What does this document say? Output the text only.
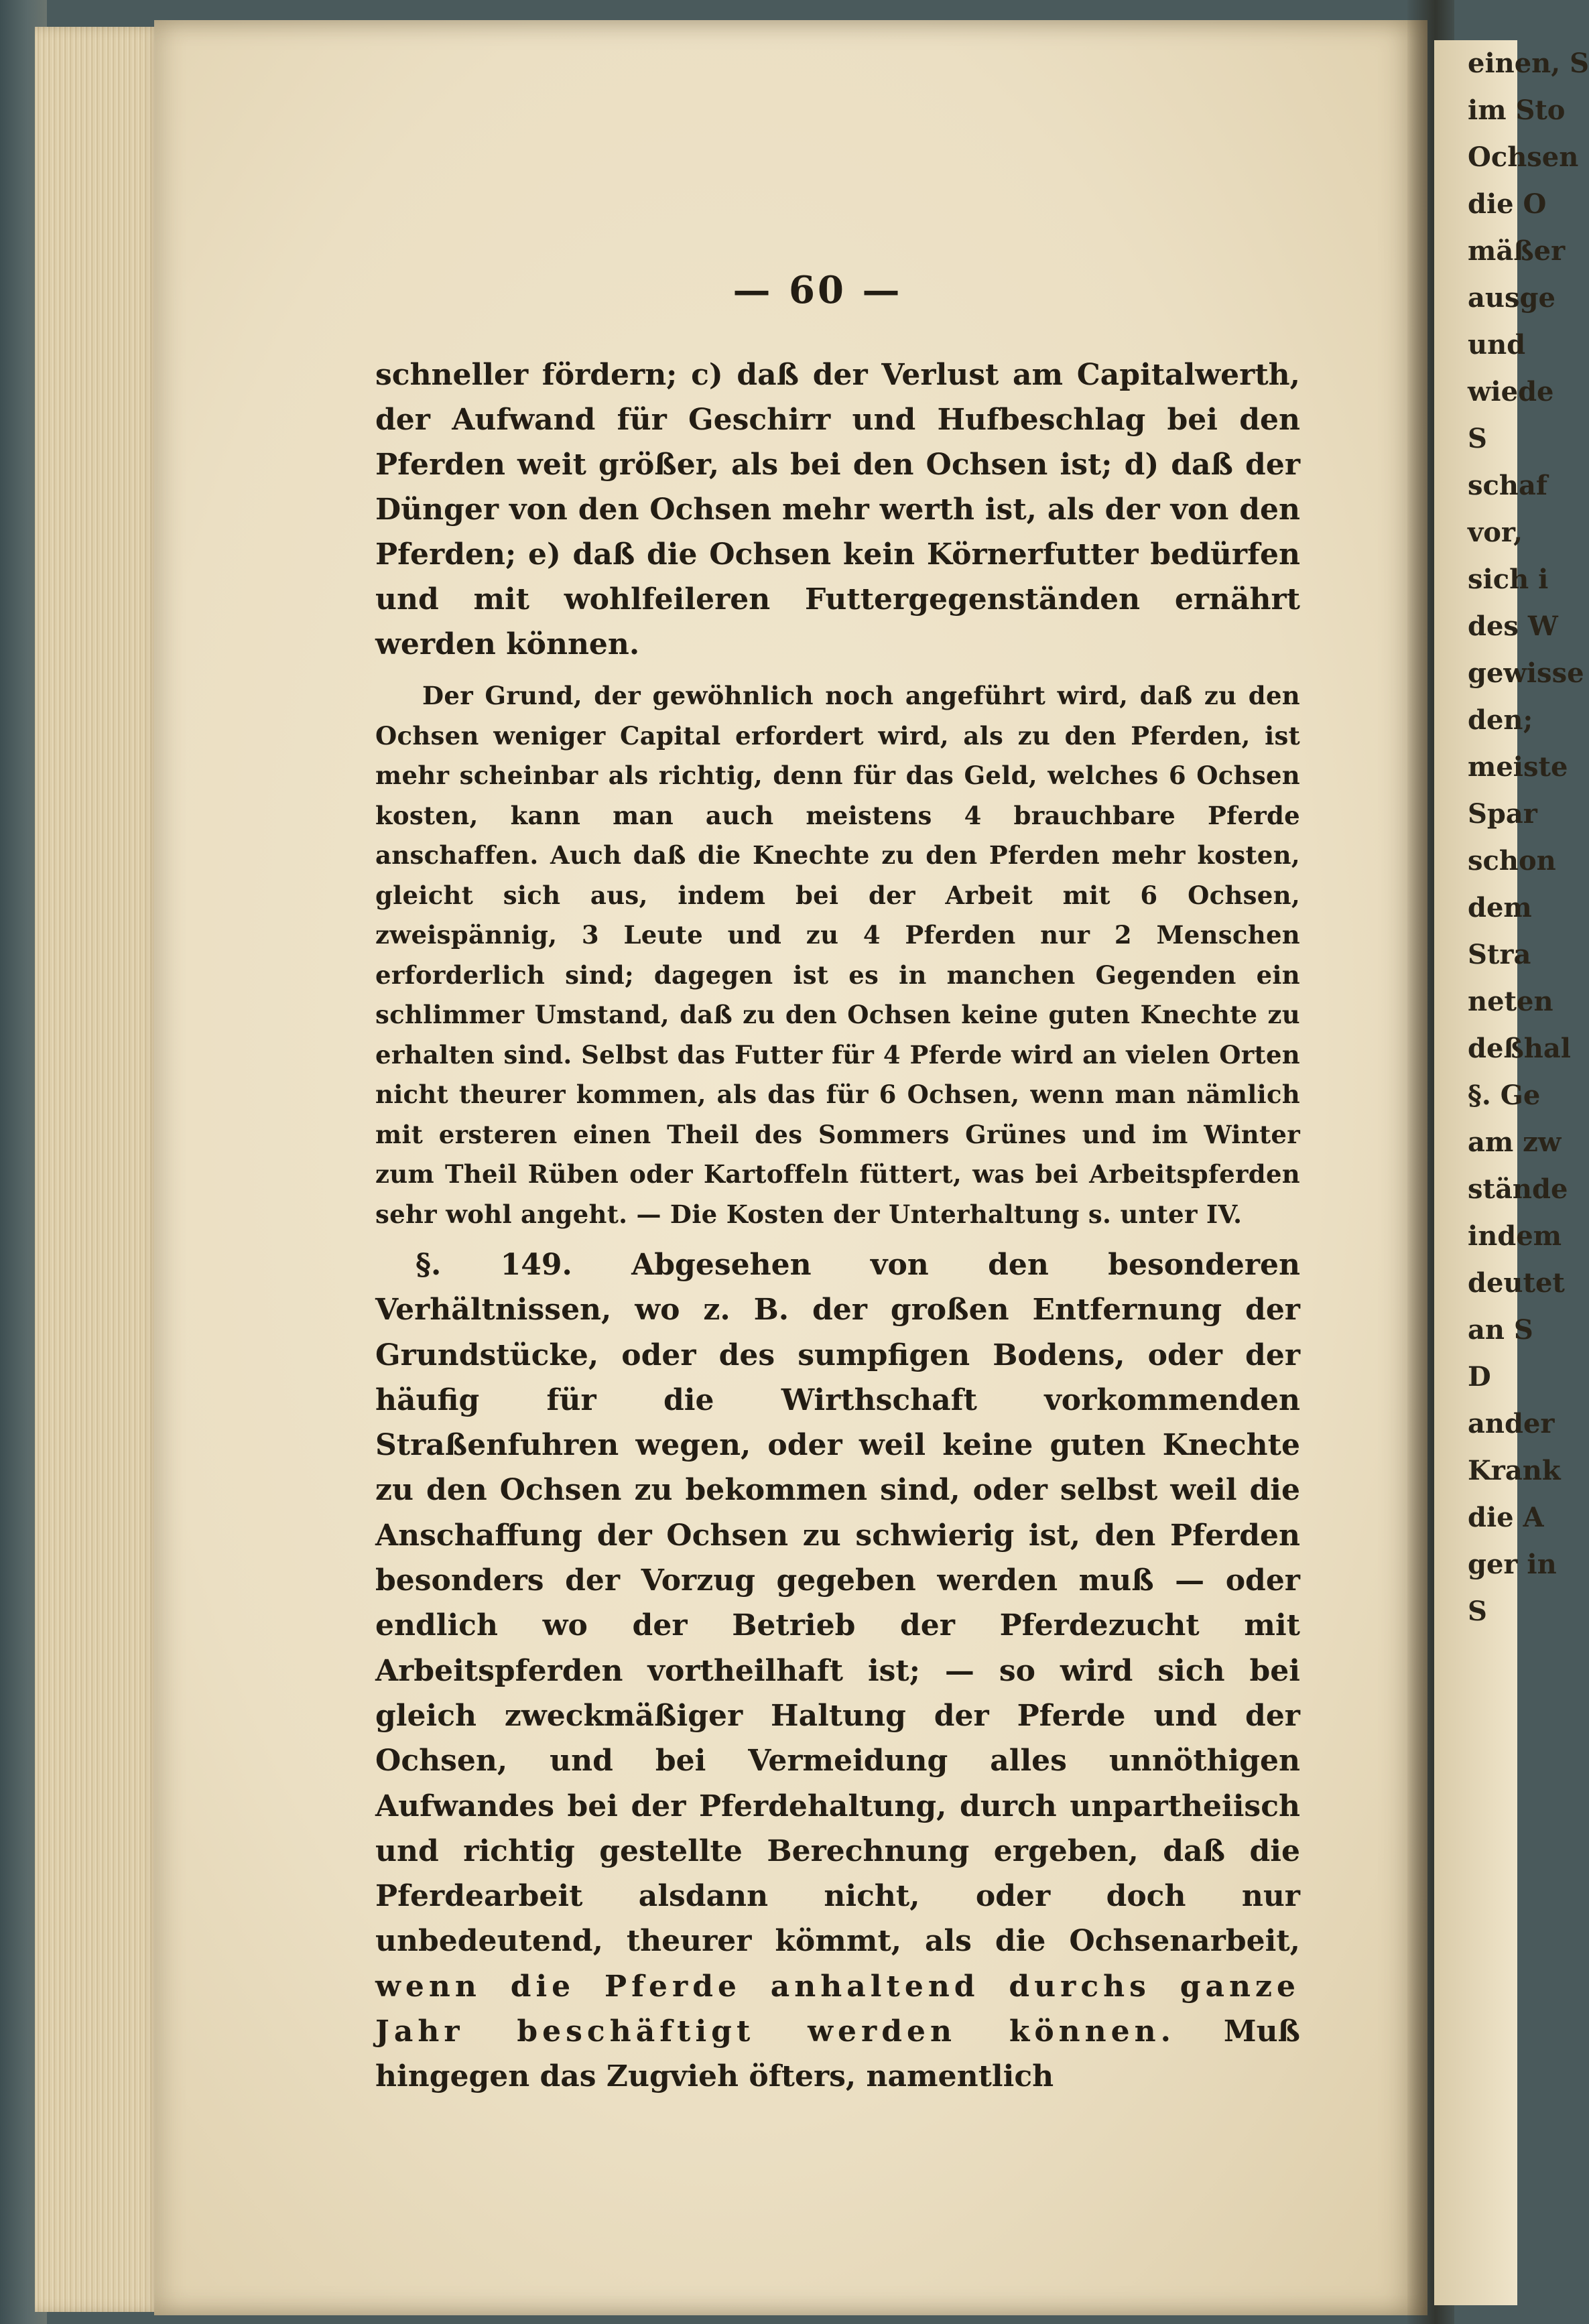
einen, S
im Sto
Ochsen
die O
mäßer
ausge
und
wiede
S
schaf
vor,
sich i
des W
gewisse
den;
meiste
Spar
schon
dem
Stra
neten
deßhal
§. Ge
am zw
stände
indem
deutet
an S
D
ander
Krank
die A
ger in
S
— 60 —

schneller fördern; c) daß der Verlust am Capitalwerth, der Aufwand für Geschirr und Hufbeschlag bei den Pferden weit größer, als bei den Ochsen ist; d) daß der Dünger von den Ochsen mehr werth ist, als der von den Pferden; e) daß die Ochsen kein Körnerfutter bedürfen und mit wohlfeileren Futtergegenständen ernährt werden können.

Der Grund, der gewöhnlich noch angeführt wird, daß zu den Ochsen weniger Capital erfordert wird, als zu den Pferden, ist mehr scheinbar als richtig, denn für das Geld, welches 6 Ochsen kosten, kann man auch meistens 4 brauchbare Pferde anschaffen. Auch daß die Knechte zu den Pferden mehr kosten, gleicht sich aus, indem bei der Arbeit mit 6 Ochsen, zweispännig, 3 Leute und zu 4 Pferden nur 2 Menschen erforderlich sind; dagegen ist es in manchen Gegenden ein schlimmer Umstand, daß zu den Ochsen keine guten Knechte zu erhalten sind. Selbst das Futter für 4 Pferde wird an vielen Orten nicht theurer kommen, als das für 6 Ochsen, wenn man nämlich mit ersteren einen Theil des Sommers Grünes und im Winter zum Theil Rüben oder Kartoffeln füttert, was bei Arbeitspferden sehr wohl angeht. — Die Kosten der Unterhaltung s. unter IV.

§. 149. Abgesehen von den besonderen Verhältnissen, wo z. B. der großen Entfernung der Grundstücke, oder des sumpfigen Bodens, oder der häufig für die Wirthschaft vorkommenden Straßenfuhren wegen, oder weil keine guten Knechte zu den Ochsen zu bekommen sind, oder selbst weil die Anschaffung der Ochsen zu schwierig ist, den Pferden besonders der Vorzug gegeben werden muß — oder endlich wo der Betrieb der Pferdezucht mit Arbeitspferden vortheilhaft ist; — so wird sich bei gleich zweckmäßiger Haltung der Pferde und der Ochsen, und bei Vermeidung alles unnöthigen Aufwandes bei der Pferdehaltung, durch unpartheiisch und richtig gestellte Berechnung ergeben, daß die Pferdearbeit alsdann nicht, oder doch nur unbedeutend, theurer kömmt, als die Ochsenarbeit, wenn die Pferde anhaltend durchs ganze Jahr beschäftigt werden können. Muß hingegen das Zugvieh öfters, namentlich
